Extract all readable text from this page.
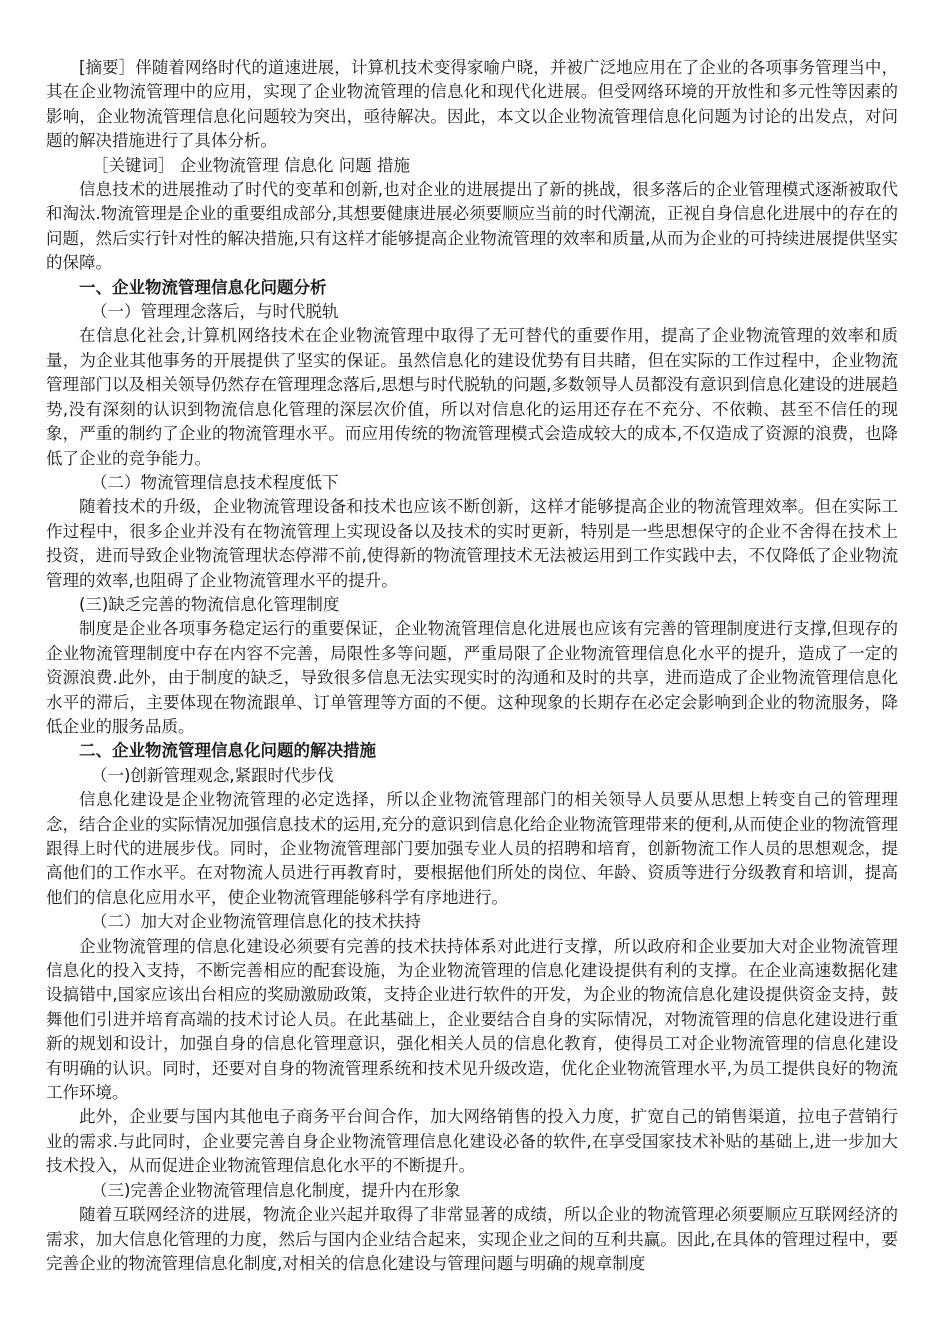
[摘要］伴随着网络时代的道速进展，计算机技术变得家喻户晓，并被广泛地应用在了企业的各项事务管理当中，其在企业物流管理中的应用，实现了企业物流管理的信息化和现代化进展。但受网络环境的开放性和多元性等因素的影响，企业物流管理信息化问题较为突出，亟待解决。因此，本文以企业物流管理信息化问题为讨论的出发点，对问题的解决措施进行了具体分析。

［关键词］ 企业物流管理 信息化 问题 措施

信息技术的进展推动了时代的变革和创新,也对企业的进展提出了新的挑战，很多落后的企业管理模式逐渐被取代和淘汰.物流管理是企业的重要组成部分,其想要健康进展必须要顺应当前的时代潮流，正视自身信息化进展中的存在的问题，然后实行针对性的解决措施,只有这样才能够提高企业物流管理的效率和质量,从而为企业的可持续进展提供坚实的保障。

一、企业物流管理信息化问题分析

（一）管理理念落后，与时代脱轨

在信息化社会,计算机网络技术在企业物流管理中取得了无可替代的重要作用，提高了企业物流管理的效率和质量，为企业其他事务的开展提供了坚实的保证。虽然信息化的建设优势有目共睹，但在实际的工作过程中，企业物流管理部门以及相关领导仍然存在管理理念落后,思想与时代脱轨的问题,多数领导人员都没有意识到信息化建设的进展趋势,没有深刻的认识到物流信息化管理的深层次价值，所以对信息化的运用还存在不充分、不依赖、甚至不信任的现象，严重的制约了企业的物流管理水平。而应用传统的物流管理模式会造成较大的成本,不仅造成了资源的浪费，也降低了企业的竞争能力。

（二）物流管理信息技术程度低下

随着技术的升级，企业物流管理设备和技术也应该不断创新，这样才能够提高企业的物流管理效率。但在实际工作过程中，很多企业并没有在物流管理上实现设备以及技术的实时更新，特别是一些思想保守的企业不舍得在技术上投资，进而导致企业物流管理状态停滞不前,使得新的物流管理技术无法被运用到工作实践中去，不仅降低了企业物流管理的效率,也阻碍了企业物流管理水平的提升。

(三)缺乏完善的物流信息化管理制度

制度是企业各项事务稳定运行的重要保证，企业物流管理信息化进展也应该有完善的管理制度进行支撑,但现存的企业物流管理制度中存在内容不完善，局限性多等问题，严重局限了企业物流管理信息化水平的提升，造成了一定的资源浪费.此外，由于制度的缺乏，导致很多信息无法实现实时的沟通和及时的共享，进而造成了企业物流管理信息化水平的滞后，主要体现在物流跟单、订单管理等方面的不便。这种现象的长期存在必定会影响到企业的物流服务，降低企业的服务品质。

二、企业物流管理信息化问题的解决措施

（一)创新管理观念,紧跟时代步伐

信息化建设是企业物流管理的必定选择，所以企业物流管理部门的相关领导人员要从思想上转变自己的管理理念，结合企业的实际情况加强信息技术的运用,充分的意识到信息化给企业物流管理带来的便利,从而使企业的物流管理跟得上时代的进展步伐。同时，企业物流管理部门要加强专业人员的招聘和培育，创新物流工作人员的思想观念，提高他们的工作水平。在对物流人员进行再教育时，要根据他们所处的岗位、年龄、资质等进行分级教育和培训，提高他们的信息化应用水平，使企业物流管理能够科学有序地进行。

（二）加大对企业物流管理信息化的技术扶持

企业物流管理的信息化建设必须要有完善的技术扶持体系对此进行支撑，所以政府和企业要加大对企业物流管理信息化的投入支持，不断完善相应的配套设施，为企业物流管理的信息化建设提供有利的支撑。在企业高速数据化建设搞错中,国家应该出台相应的奖励激励政策，支持企业进行软件的开发，为企业的物流信息化建设提供资金支持，鼓舞他们引进并培育高端的技术讨论人员。在此基础上，企业要结合自身的实际情况，对物流管理的信息化建设进行重新的规划和设计，加强自身的信息化管理意识，强化相关人员的信息化教育，使得员工对企业物流管理的信息化建设有明确的认识。同时，还要对自身的物流管理系统和技术见升级改造，优化企业物流管理水平,为员工提供良好的物流工作环境。

此外，企业要与国内其他电子商务平台间合作，加大网络销售的投入力度，扩宽自己的销售渠道，拉电子营销行业的需求.与此同时，企业要完善自身企业物流管理信息化建设必备的软件,在享受国家技术补贴的基础上,进一步加大技术投入，从而促进企业物流管理信息化水平的不断提升。

（三)完善企业物流管理信息化制度，提升内在形象

随着互联网经济的进展，物流企业兴起并取得了非常显著的成绩，所以企业的物流管理必须要顺应互联网经济的需求，加大信息化管理的力度，然后与国内企业结合起来，实现企业之间的互利共赢。因此,在具体的管理过程中，要完善企业的物流管理信息化制度,对相关的信息化建设与管理问题与明确的规章制度
